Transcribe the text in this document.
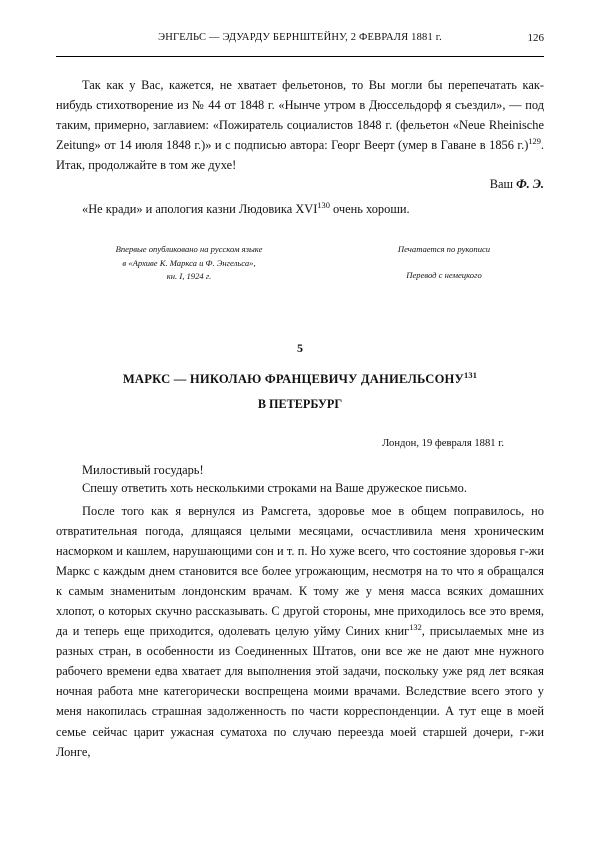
ЭНГЕЛЬС — ЭДУАРДУ БЕРНШТЕЙНУ, 2 ФЕВРАЛЯ 1881 г.	126

Так как у Вас, кажется, не хватает фельетонов, то Вы могли бы перепечатать как-нибудь стихотворение из № 44 от 1848 г. «Нынче утром в Дюссельдорф я съездил», — под таким, примерно, заглавием: «Пожиратель социалистов 1848 г. (фельетон «Neue Rheinische Zeitung» от 14 июля 1848 г.)» и с подписью автора: Георг Веерт (умер в Гаване в 1856 г.)$^{129}$. Итак, продолжайте в том же духе!

Ваш Ф. Э.

«Не кради» и апология казни Людовика XVI$^{130}$ очень хороши.

Впервые опубликовано на русском языке
в «Архиве К. Маркса и Ф. Энгельса»,
кн. I, 1924 г.
Печатается по рукописи
Перевод с немецкого
5
МАРКС — НИКОЛАЮ ФРАНЦЕВИЧУ ДАНИЕЛЬСОНУ$^{131}$
В ПЕТЕРБУРГ
Лондон, 19 февраля 1881 г.
Милостивый государь!

Спешу ответить хоть несколькими строками на Ваше дружеское письмо.

После того как я вернулся из Рамсгета, здоровье мое в общем поправилось, но отвратительная погода, длящаяся целыми месяцами, осчастливила меня хроническим насморком и кашлем, нарушающими сон и т. п. Но хуже всего, что состояние здоровья г-жи Маркс с каждым днем становится все более угрожающим, несмотря на то что я обращался к самым знаменитым лондонским врачам. К тому же у меня масса всяких домашних хлопот, о которых скучно рассказывать. С другой стороны, мне приходилось все это время, да и теперь еще приходится, одолевать целую уйму Синих книг$^{132}$, присылаемых мне из разных стран, в особенности из Соединенных Штатов, они все же не дают мне нужного рабочего времени едва хватает для выполнения этой задачи, поскольку уже ряд лет всякая ночная работа мне категорически воспрещена моими врачами. Вследствие всего этого у меня накопилась страшная задолженность по части корреспонденции. А тут еще в моей семье сейчас царит ужасная суматоха по случаю переезда моей старшей дочери, г-жи Лонге,
